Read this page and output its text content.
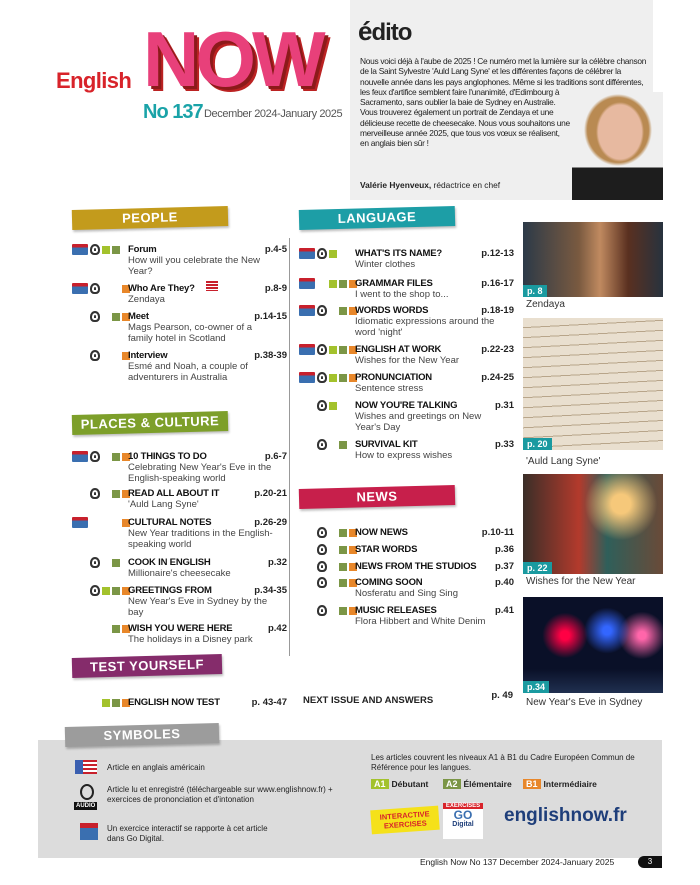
English NOW
No 137 December 2024-January 2025
édito
Nous voici déjà à l'aube de 2025 ! Ce numéro met la lumière sur la célèbre chanson de la Saint Sylvestre 'Auld Lang Syne' et les différentes façons de célébrer la nouvelle année dans les pays anglophones. Même si les traditions sont différentes, les feux d'artifice semblent faire l'unanimité, d'Edimbourg à Sacramento, sans oublier la baie de Sydney en Australie. Vous trouverez également un portrait de Zendaya et une délicieuse recette de cheesecake. Nous vous souhaitons une merveilleuse année 2025, que tous vos vœux se réalisent, en anglais bien sûr !
Valérie Hyenveux, rédactrice en chef
PEOPLE
Forum
How will you celebrate the New Year?
p.4-5
Who Are They?
Zendaya
p.8-9
Meet
Mags Pearson, co-owner of a family hotel in Scotland
p.14-15
Interview
Esmé and Noah, a couple of adventurers in Australia
p.38-39
PLACES & CULTURE
10 THINGS TO DO
Celebrating New Year's Eve in the English-speaking world
p.6-7
READ ALL ABOUT IT
'Auld Lang Syne'
p.20-21
CULTURAL NOTES
New Year traditions in the English-speaking world
p.26-29
COOK IN ENGLISH
Millionaire's cheesecake
p.32
GREETINGS FROM
New Year's Eve in Sydney by the bay
p.34-35
WISH YOU WERE HERE
The holidays in a Disney park
p.42
TEST YOURSELF
ENGLISH NOW TEST	p. 43-47
LANGUAGE
WHAT'S ITS NAME?
Winter clothes
p.12-13
GRAMMAR FILES
I went to the shop to...
p.16-17
WORDS WORDS
Idiomatic expressions around the word 'night'
p.18-19
ENGLISH AT WORK
Wishes for the New Year
p.22-23
PRONUNCIATION
Sentence stress
p.24-25
NOW YOU'RE TALKING
Wishes and greetings on New Year's Day
p.31
SURVIVAL KIT
How to express wishes
p.33
NEWS
NOW NEWS	p.10-11
STAR WORDS	p.36
NEWS FROM THE STUDIOS p.37
COMING SOON
Nosferatu and Sing Sing
p.40
MUSIC RELEASES
Flora Hibbert and White Denim
p.41
NEXT ISSUE AND ANSWERS	p. 49
p. 8
Zendaya
p. 20
'Auld Lang Syne'
p. 22
Wishes for the New Year
p.34
New Year's Eve in Sydney
SYMBOLES
Article en anglais américain
AUDIO
Article lu et enregistré (téléchargeable sur www.englishnow.fr) + exercices de prononciation et d'intonation
Un exercice interactif se rapporte à cet article dans Go Digital.
Les articles couvrent les niveaux A1 à B1 du Cadre Européen Commun de Référence pour les langues.
A1 Débutant	A2 Élémentaire	B1 Intermédiaire
INTERACTIVE EXERCISES
EXERCISES
GO
Digital	englishnow.fr
English Now No 137 December 2024-January 2025	3
